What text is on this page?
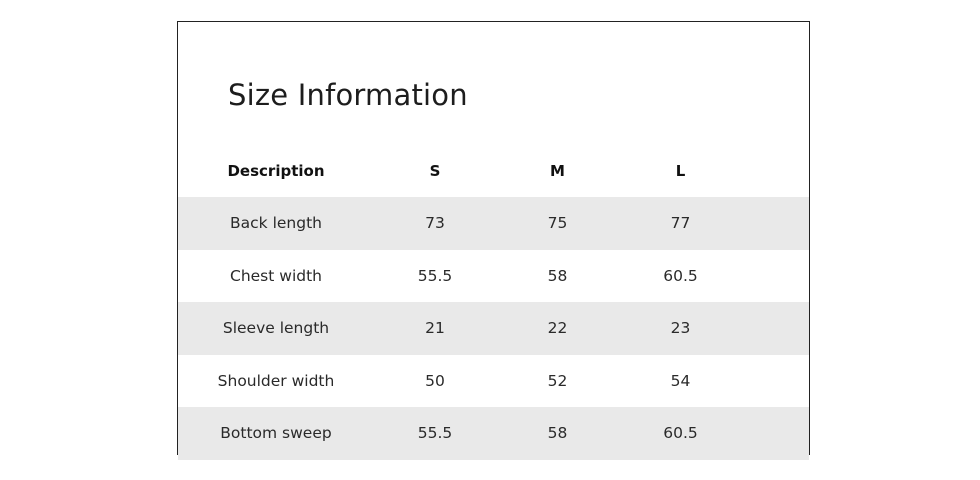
Size Information
Description	S	M	L	
Back length	73	75	77	
Chest width	55.5	58	60.5	
Sleeve length	21	22	23	
Shoulder width	50	52	54	
Bottom sweep	55.5	58	60.5	
